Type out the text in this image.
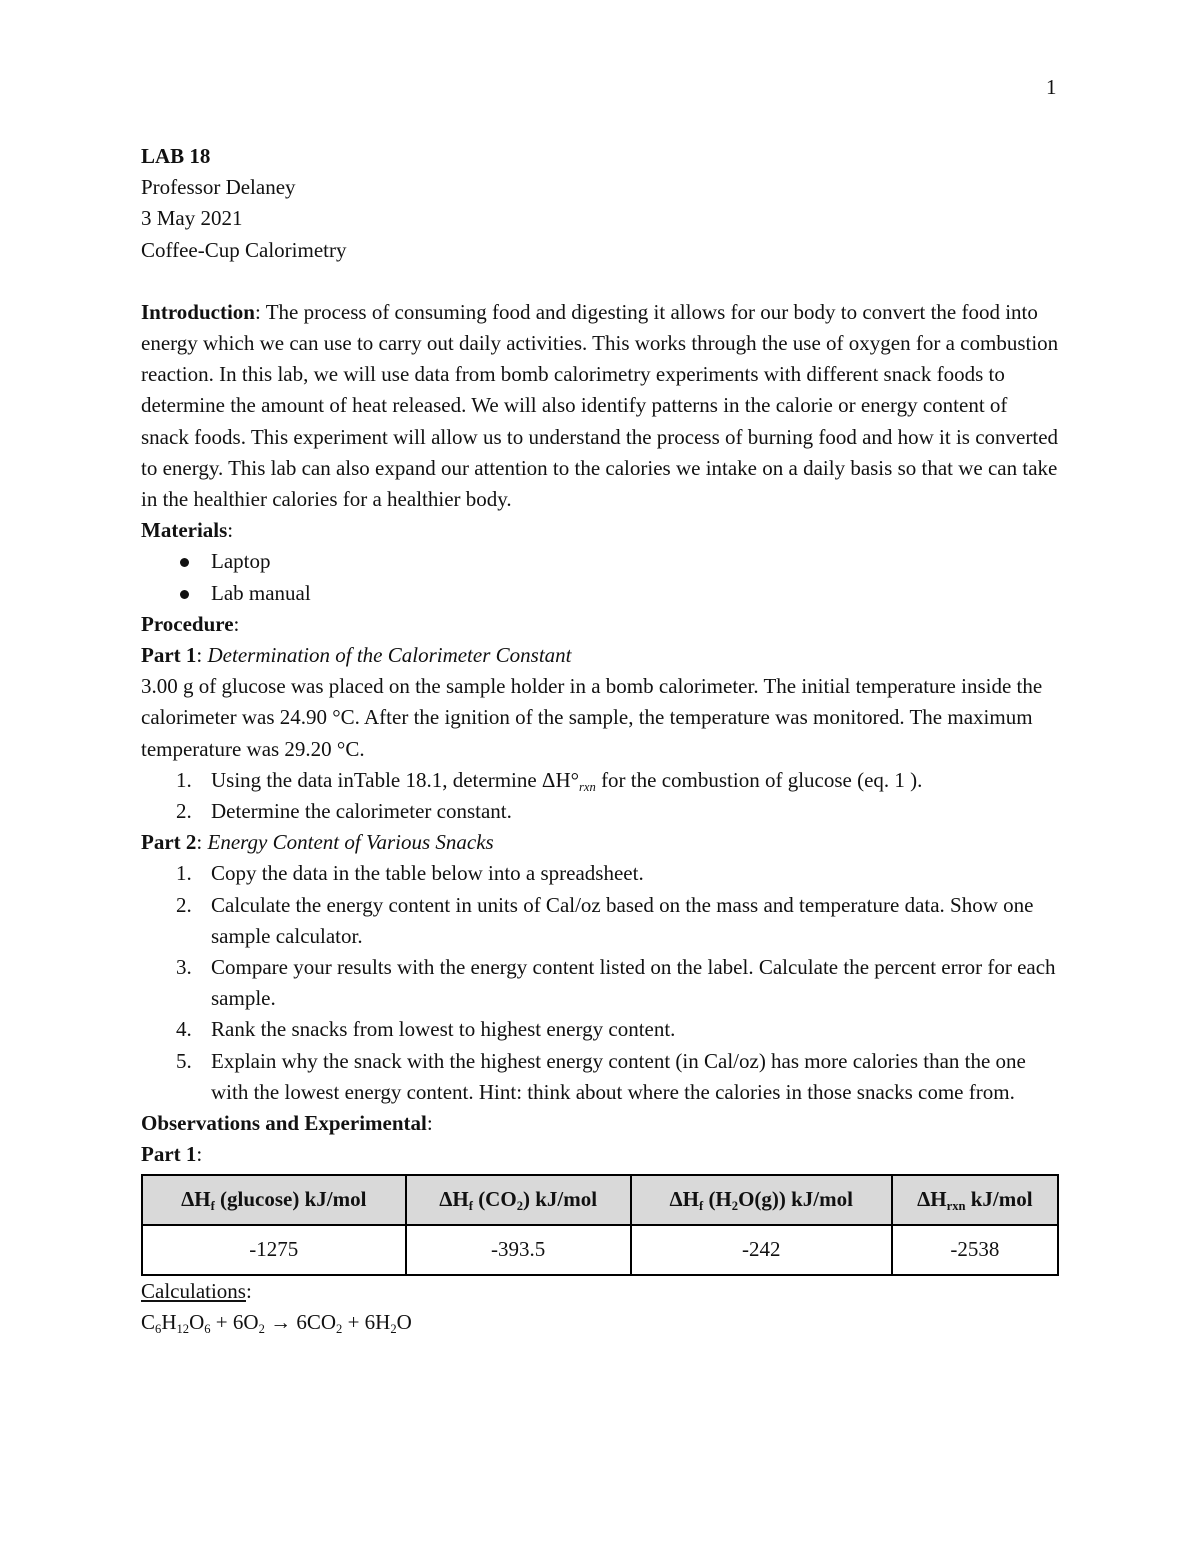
1

LAB 18

Professor Delaney

3 May 2021

Coffee-Cup Calorimetry

Introduction: The process of consuming food and digesting it allows for our body to convert the food into energy which we can use to carry out daily activities. This works through the use of oxygen for a combustion reaction. In this lab, we will use data from bomb calorimetry experiments with different snack foods to determine the amount of heat released. We will also identify patterns in the calorie or energy content of snack foods. This experiment will allow us to understand the process of burning food and how it is converted to energy. This lab can also expand our attention to the calories we intake on a daily basis so that we can take in the healthier calories for a healthier body.

Materials:

Laptop
Lab manual

Procedure:

Part 1: Determination of the Calorimeter Constant

3.00 g of glucose was placed on the sample holder in a bomb calorimeter. The initial temperature inside the calorimeter was 24.90 °C. After the ignition of the sample, the temperature was monitored. The maximum temperature was 29.20 °C.

1. Using the data inTable 18.1, determine $\Delta H^\circ_{rxn}$ for the combustion of glucose (eq. 1 ).
2. Determine the calorimeter constant.

Part 2: Energy Content of Various Snacks

1. Copy the data in the table below into a spreadsheet.
2. Calculate the energy content in units of Cal/oz based on the mass and temperature data. Show one sample calculator.
3. Compare your results with the energy content listed on the label. Calculate the percent error for each sample.
4. Rank the snacks from lowest to highest energy content.
5. Explain why the snack with the highest energy content (in Cal/oz) has more calories than the one with the lowest energy content. Hint: think about where the calories in those snacks come from.

Observations and Experimental:

Part 1:

$\Delta H_f$ (glucose) kJ/mol	$\Delta H_f$ $(CO_2)$ kJ/mol	$\Delta H_f$ $(H_2O(g))$ kJ/mol	$\Delta H_{rxn}$ kJ/mol
-1275	-393.5	-242	-2538

Calculations:

$C_6H_{12}O_6 + 6O_2 \to 6CO_2 + 6H_2O$
